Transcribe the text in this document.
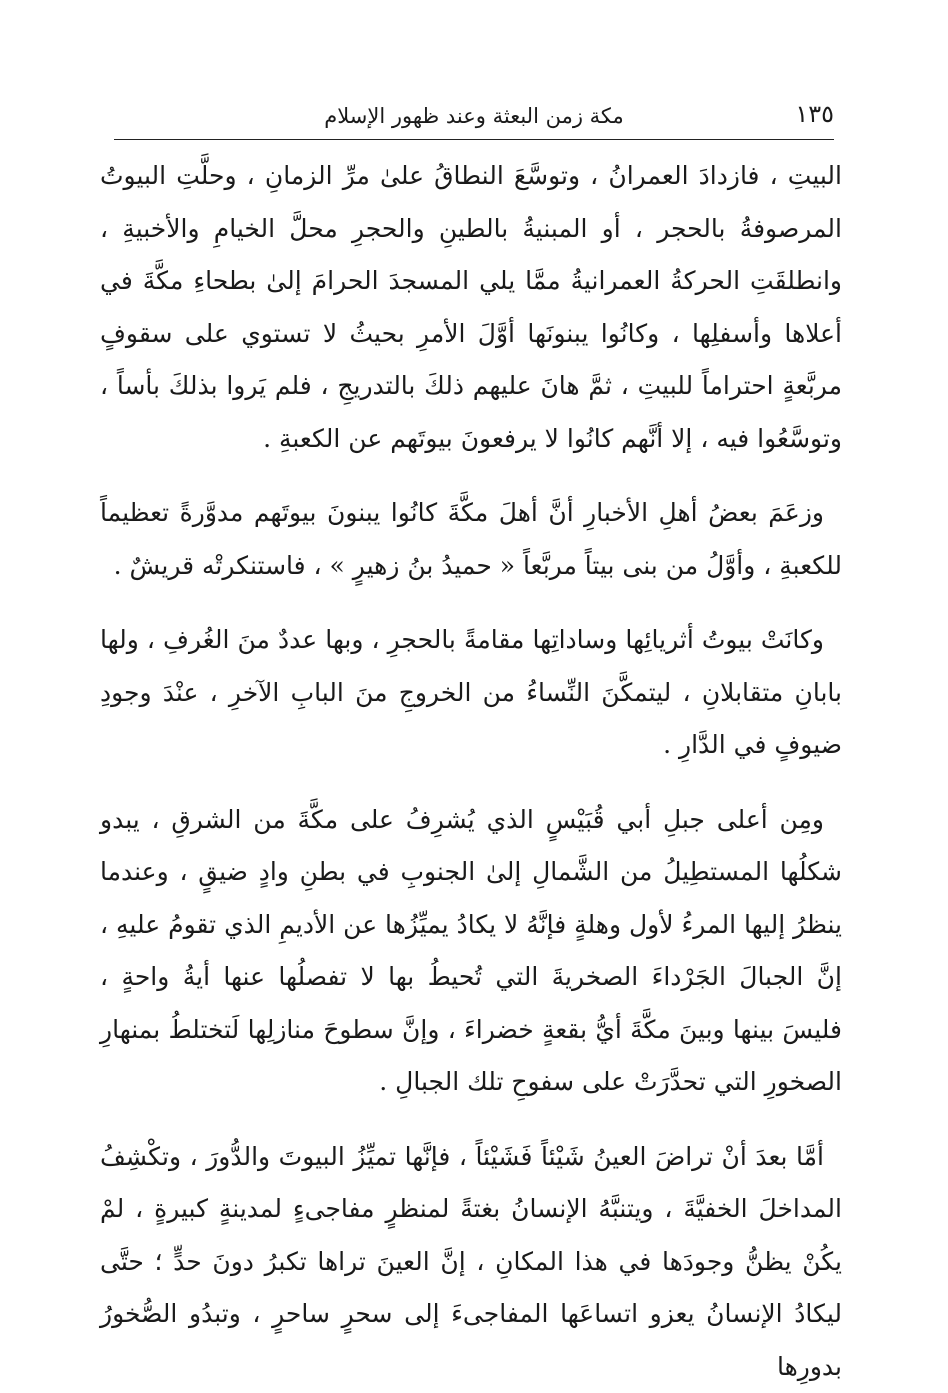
١٣٥
مكة زمن البعثة وعند ظهور الإسلام

البيتِ ، فازدادَ العمرانُ ، وتوسَّعَ النطاقُ علىٰ مرِّ الزمانِ ، وحلَّتِ البيوتُ المرصوفةُ بالحجر ، أو المبنيةُ بالطينِ والحجرِ محلَّ الخيامِ والأخبيةِ ، وانطلقَتِ الحركةُ العمرانيةُ ممَّا يلي المسجدَ الحرامَ إلىٰ بطحاءِ مكَّةَ في أعلاها وأسفلِها ، وكانُوا يبنونَها أوَّلَ الأمرِ بحيثُ لا تستوي على سقوفٍ مربَّعةٍ احتراماً للبيتِ ، ثمَّ هانَ عليهم ذلكَ بالتدريجِ ، فلم يَروا بذلكَ بأساً ، وتوسَّعُوا فيه ، إلا أنَّهم كانُوا لا يرفعونَ بيوتَهم عن الكعبةِ .

وزعَمَ بعضُ أهلِ الأخبارِ أنَّ أهلَ مكَّةَ كانُوا يبنونَ بيوتَهم مدوَّرةً تعظيماً للكعبةِ ، وأوَّلُ من بنى بيتاً مربَّعاً « حميدُ بنُ زهيرٍ » ، فاستنكرتْه قريشٌ .

وكانَتْ بيوتُ أثريائِها وساداتِها مقامةً بالحجرِ ، وبها عددٌ منَ الغُرفِ ، ولها بابانِ متقابلانِ ، ليتمكَّنَ النِّساءُ من الخروجِ منَ البابِ الآخرِ ، عنْدَ وجودِ ضيوفٍ في الدَّارِ .

ومِن أعلى جبلِ أبي قُبَيْسٍ الذي يُشرِفُ على مكَّةَ من الشرقِ ، يبدو شكلُها المستطِيلُ من الشَّمالِ إلىٰ الجنوبِ في بطنِ وادٍ ضيقٍ ، وعندما ينظرُ إليها المرءُ لأول وهلةٍ فإنَّهُ لا يكادُ يميِّزُها عن الأديمِ الذي تقومُ عليهِ ، إنَّ الجبالَ الجَرْداءَ الصخريةَ التي تُحيطُ بها لا تفصلُها عنها أيةُ واحةٍ ، فليسَ بينها وبينَ مكَّةَ أيُّ بقعةٍ خضراءَ ، وإنَّ سطوحَ منازلِها لَتختلطُ بمنهارِ الصخورِ التي تحدَّرَتْ على سفوحِ تلك الجبالِ .

أمَّا بعدَ أنْ تراضَ العينُ شَيْئاً فَشَيْئاً ، فإنَّها تميِّزُ البيوتَ والدُّورَ ، وتكْشِفُ المداخلَ الخفيَّةَ ، ويتنبَّهُ الإنسانُ بغتةً لمنظرٍ مفاجىءٍ لمدينةٍ كبيرةٍ ، لمْ يكُنْ يظنُّ وجودَها في هذا المكانِ ، إنَّ العينَ تراها تكبرُ دونَ حدٍّ ؛ حتَّى ليكادُ الإنسانُ يعزو اتساعَها المفاجىءَ إلى سحرٍ ساحرٍ ، وتبدُو الصُّخورُ بدورِها
